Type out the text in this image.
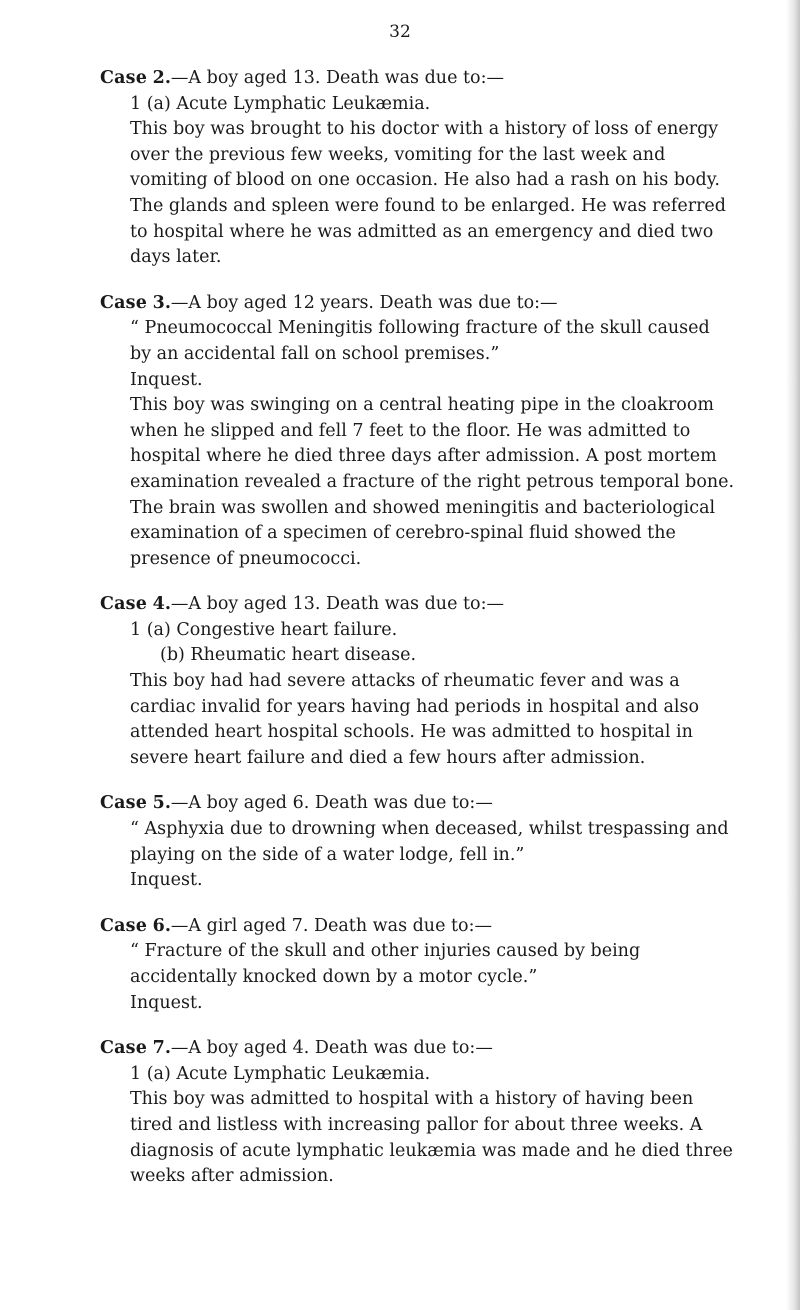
32

Case 2.—A boy aged 13. Death was due to:—

1 (a) Acute Lymphatic Leukæmia.

This boy was brought to his doctor with a history of loss of energy over the previous few weeks, vomiting for the last week and vomiting of blood on one occasion. He also had a rash on his body. The glands and spleen were found to be enlarged. He was referred to hospital where he was admitted as an emergency and died two days later.

Case 3.—A boy aged 12 years. Death was due to:—

“ Pneumococcal Meningitis following fracture of the skull caused by an accidental fall on school premises.”

Inquest.

This boy was swinging on a central heating pipe in the cloakroom when he slipped and fell 7 feet to the floor. He was admitted to hospital where he died three days after admission. A post mortem examination revealed a fracture of the right petrous temporal bone. The brain was swollen and showed meningitis and bacteriological examination of a specimen of cerebro-spinal fluid showed the presence of pneumococci.

Case 4.—A boy aged 13. Death was due to:—

1 (a) Congestive heart failure.

(b) Rheumatic heart disease.

This boy had had severe attacks of rheumatic fever and was a cardiac invalid for years having had periods in hospital and also attended heart hospital schools. He was admitted to hospital in severe heart failure and died a few hours after admission.

Case 5.—A boy aged 6. Death was due to:—

“ Asphyxia due to drowning when deceased, whilst trespassing and playing on the side of a water lodge, fell in.”

Inquest.

Case 6.—A girl aged 7. Death was due to:—

“ Fracture of the skull and other injuries caused by being accidentally knocked down by a motor cycle.”

Inquest.

Case 7.—A boy aged 4. Death was due to:—

1 (a) Acute Lymphatic Leukæmia.

This boy was admitted to hospital with a history of having been tired and listless with increasing pallor for about three weeks. A diagnosis of acute lymphatic leukæmia was made and he died three weeks after admission.
